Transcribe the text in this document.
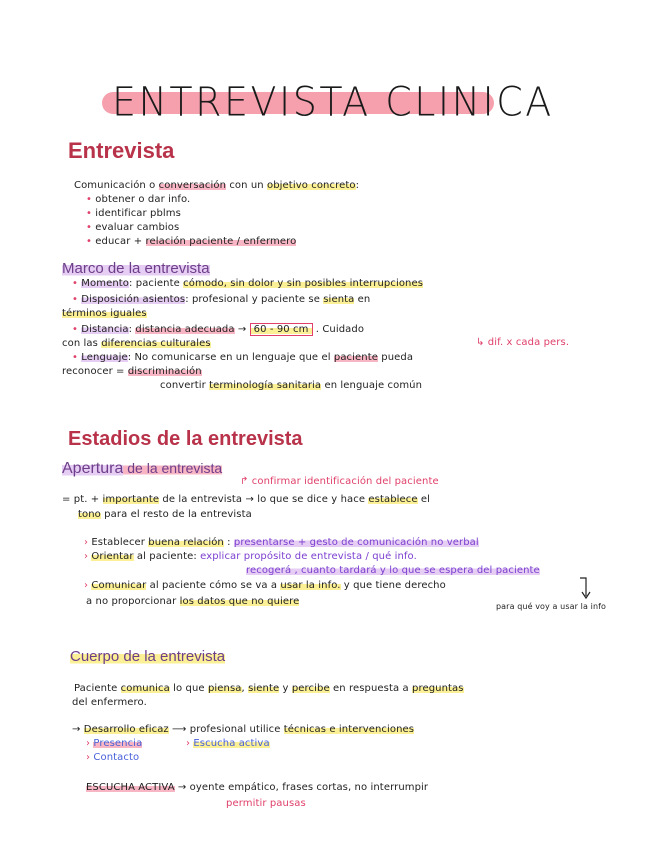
ENTREVISTA CLINICA
Entrevista
Comunicación o conversación con un objetivo concreto:
• obtener o dar info.
• identificar pblms
• evaluar cambios
• educar + relación paciente / enfermero
Marco de la entrevista
• Momento: paciente cómodo, sin dolor y sin posibles interrupciones
• Disposición asientos: profesional y paciente se sienta en
términos iguales
• Distancia: distancia adecuada → 60 - 90 cm . Cuidado
con las diferencias culturales	↳ dif. x cada pers.
• Lenguaje: No comunicarse en un lenguaje que el paciente pueda
reconocer = discriminación
convertir terminología sanitaria en lenguaje común
Estadios de la entrevista
Apertura de la entrevista
↱ confirmar identificación del paciente
= pt. + importante de la entrevista → lo que se dice y hace establece el
tono para el resto de la entrevista
› Establecer buena relación : presentarse + gesto de comunicación no verbal
› Orientar al paciente: explicar propósito de entrevista / qué info.
recogerá , cuanto tardará y lo que se espera del paciente
› Comunicar al paciente cómo se va a usar la info. y que tiene derecho
a no proporcionar los datos que no quiere	para qué voy a usar la info
Cuerpo de la entrevista
Paciente comunica lo que piensa, siente y percibe en respuesta a preguntas
del enfermero.
→ Desarrollo eficaz ⟶ profesional utilice técnicas e intervenciones
› Presencia	› Escucha activa
› Contacto
ESCUCHA ACTIVA → oyente empático, frases cortas, no interrumpir
permitir pausas
